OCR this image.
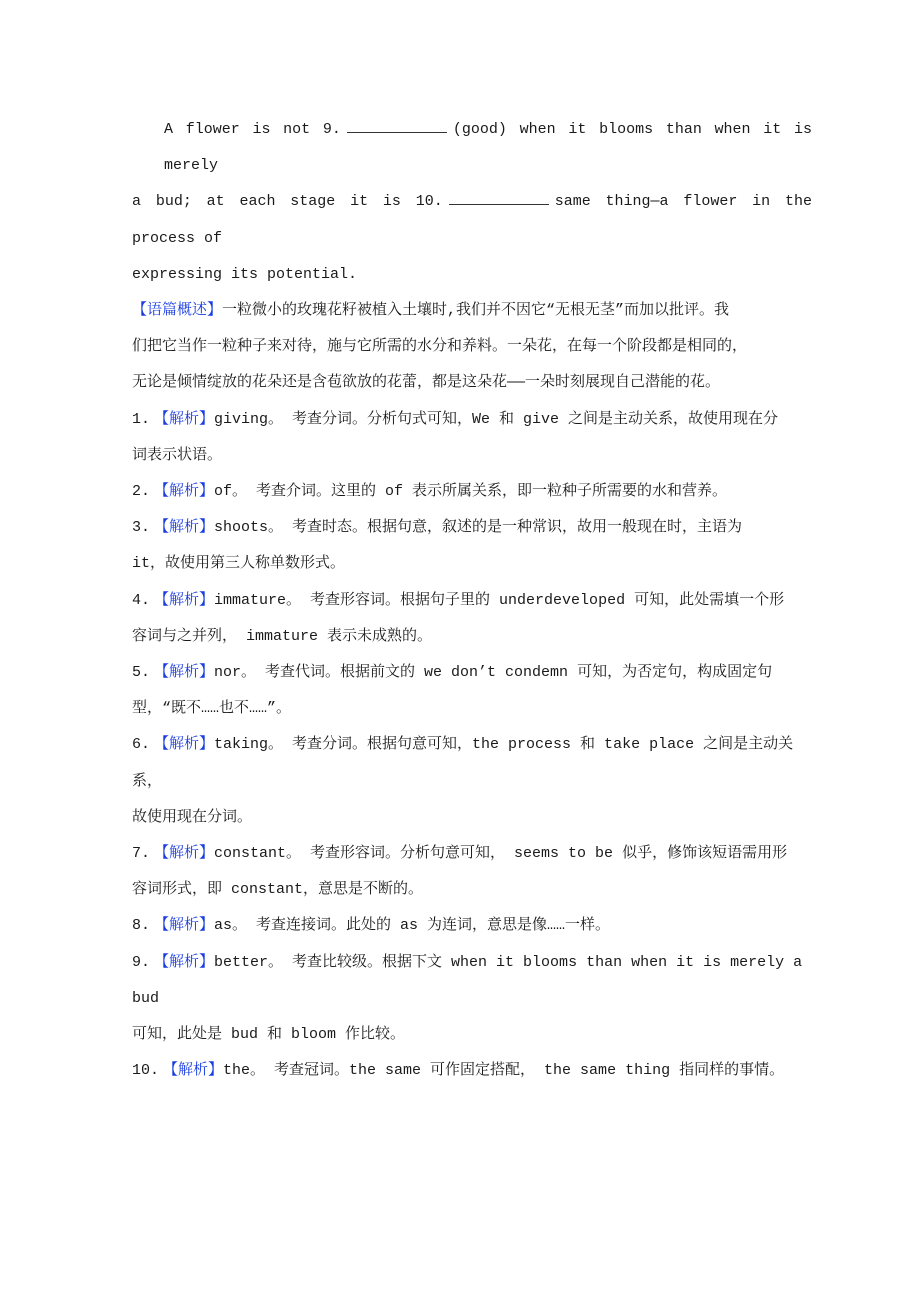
A flower is not 9.	(good) when it blooms than when it is merely
a bud; at each stage it is 10.	same thing—a flower in the process of
expressing its potential.
【语篇概述】一粒微小的玫瑰花籽被植入土壤时,我们并不因它“无根无茎”而加以批评。我
们把它当作一粒种子来对待，施与它所需的水分和养料。一朵花，在每一个阶段都是相同的，
无论是倾情绽放的花朵还是含苞欲放的花蕾，都是这朵花——一朵时刻展现自己潜能的花。
1. 【解析】giving。 考查分词。分析句式可知，We 和 give 之间是主动关系，故使用现在分
词表示状语。
2. 【解析】of。 考查介词。这里的 of 表示所属关系，即一粒种子所需要的水和营养。
3. 【解析】shoots。 考查时态。根据句意，叙述的是一种常识，故用一般现在时，主语为
it，故使用第三人称单数形式。
4. 【解析】immature。 考查形容词。根据句子里的 underdeveloped 可知，此处需填一个形
容词与之并列， immature 表示未成熟的。
5. 【解析】nor。 考查代词。根据前文的 we don’t condemn 可知，为否定句，构成固定句
型，“既不……也不……”。
6. 【解析】taking。 考查分词。根据句意可知，the process 和 take place 之间是主动关系，
故使用现在分词。
7. 【解析】constant。 考查形容词。分析句意可知， seems to be 似乎，修饰该短语需用形
容词形式，即 constant，意思是不断的。
8. 【解析】as。 考查连接词。此处的 as 为连词，意思是像……一样。
9. 【解析】better。 考查比较级。根据下文 when it blooms than when it is merely a bud
可知，此处是 bud 和 bloom 作比较。
10. 【解析】the。 考查冠词。the same 可作固定搭配， the same thing 指同样的事情。
